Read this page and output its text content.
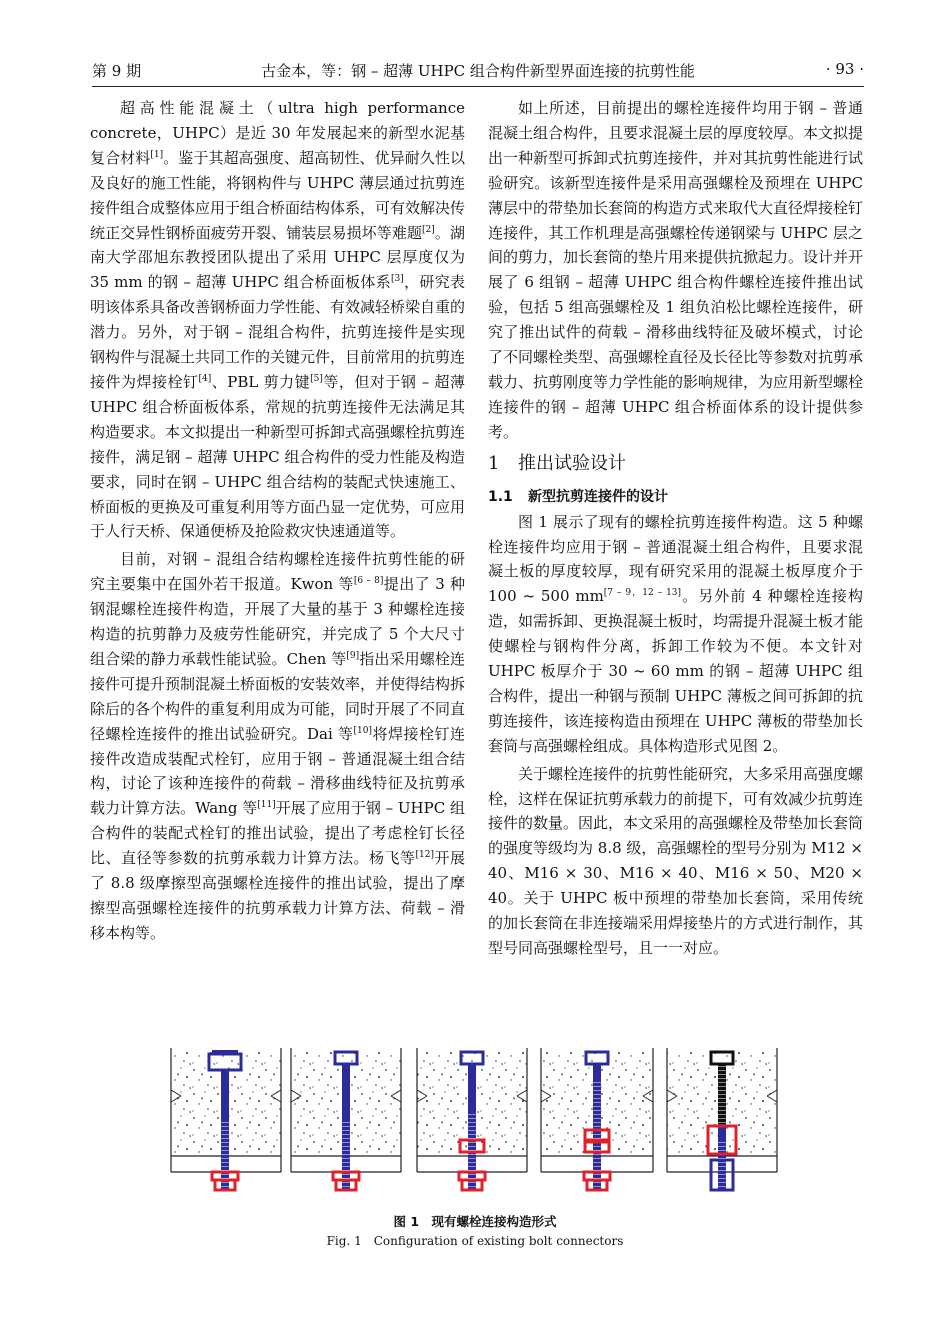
第 9 期	古金本，等：钢 – 超薄 UHPC 组合构件新型界面连接的抗剪性能	· 93 ·

超高性能混凝土（ultra high performance concrete，UHPC）是近 30 年发展起来的新型水泥基复合材料[1]。鉴于其超高强度、超高韧性、优异耐久性以及良好的施工性能，将钢构件与 UHPC 薄层通过抗剪连接件组合成整体应用于组合桥面结构体系，可有效解决传统正交异性钢桥面疲劳开裂、铺装层易损坏等难题[2]。湖南大学邵旭东教授团队提出了采用 UHPC 层厚度仅为 35 mm 的钢 – 超薄 UHPC 组合桥面板体系[3]，研究表明该体系具备改善钢桥面力学性能、有效减轻桥梁自重的潜力。另外，对于钢 – 混组合构件，抗剪连接件是实现钢构件与混凝土共同工作的关键元件，目前常用的抗剪连接件为焊接栓钉[4]、PBL 剪力键[5]等，但对于钢 – 超薄 UHPC 组合桥面板体系，常规的抗剪连接件无法满足其构造要求。本文拟提出一种新型可拆卸式高强螺栓抗剪连接件，满足钢 – 超薄 UHPC 组合构件的受力性能及构造要求，同时在钢 – UHPC 组合结构的装配式快速施工、桥面板的更换及可重复利用等方面凸显一定优势，可应用于人行天桥、保通便桥及抢险救灾快速通道等。

目前，对钢 – 混组合结构螺栓连接件抗剪性能的研究主要集中在国外若干报道。Kwon 等[6 – 8]提出了 3 种钢混螺栓连接件构造，开展了大量的基于 3 种螺栓连接构造的抗剪静力及疲劳性能研究，并完成了 5 个大尺寸组合梁的静力承载性能试验。Chen 等[9]指出采用螺栓连接件可提升预制混凝土桥面板的安装效率，并使得结构拆除后的各个构件的重复利用成为可能，同时开展了不同直径螺栓连接件的推出试验研究。Dai 等[10]将焊接栓钉连接件改造成装配式栓钉，应用于钢 – 普通混凝土组合结构，讨论了该种连接件的荷载 – 滑移曲线特征及抗剪承载力计算方法。Wang 等[11]开展了应用于钢 – UHPC 组合构件的装配式栓钉的推出试验，提出了考虑栓钉长径比、直径等参数的抗剪承载力计算方法。杨飞等[12]开展了 8.8 级摩擦型高强螺栓连接件的推出试验，提出了摩擦型高强螺栓连接件的抗剪承载力计算方法、荷载 – 滑移本构等。

如上所述，目前提出的螺栓连接件均用于钢 – 普通混凝土组合构件，且要求混凝土层的厚度较厚。本文拟提出一种新型可拆卸式抗剪连接件，并对其抗剪性能进行试验研究。该新型连接件是采用高强螺栓及预埋在 UHPC 薄层中的带垫加长套筒的构造方式来取代大直径焊接栓钉连接件，其工作机理是高强螺栓传递钢梁与 UHPC 层之间的剪力，加长套筒的垫片用来提供抗掀起力。设计并开展了 6 组钢 – 超薄 UHPC 组合构件螺栓连接件推出试验，包括 5 组高强螺栓及 1 组负泊松比螺栓连接件，研究了推出试件的荷载 – 滑移曲线特征及破坏模式，讨论了不同螺栓类型、高强螺栓直径及长径比等参数对抗剪承载力、抗剪刚度等力学性能的影响规律，为应用新型螺栓连接件的钢 – 超薄 UHPC 组合桥面体系的设计提供参考。

1 推出试验设计
1.1 新型抗剪连接件的设计

图 1 展示了现有的螺栓抗剪连接件构造。这 5 种螺栓连接件均应用于钢 – 普通混凝土组合构件，且要求混凝土板的厚度较厚，现有研究采用的混凝土板厚度介于 100 ~ 500 mm[7 – 9，12 – 13]。另外前 4 种螺栓连接构造，如需拆卸、更换混凝土板时，均需提升混凝土板才能使螺栓与钢构件分离，拆卸工作较为不便。本文针对 UHPC 板厚介于 30 ~ 60 mm 的钢 – 超薄 UHPC 组合构件，提出一种钢与预制 UHPC 薄板之间可拆卸的抗剪连接件，该连接构造由预埋在 UHPC 薄板的带垫加长套筒与高强螺栓组成。具体构造形式见图 2。

关于螺栓连接件的抗剪性能研究，大多采用高强度螺栓，这样在保证抗剪承载力的前提下，可有效减少抗剪连接件的数量。因此，本文采用的高强螺栓及带垫加长套筒的强度等级均为 8.8 级，高强螺栓的型号分别为 M12 × 40、M16 × 30、M16 × 40、M16 × 50、M20 × 40。关于 UHPC 板中预埋的带垫加长套筒，采用传统的加长套筒在非连接端采用焊接垫片的方式进行制作，其型号同高强螺栓型号，且一一对应。

图 1　现有螺栓连接构造形式
Fig. 1　Configuration of existing bolt connectors
